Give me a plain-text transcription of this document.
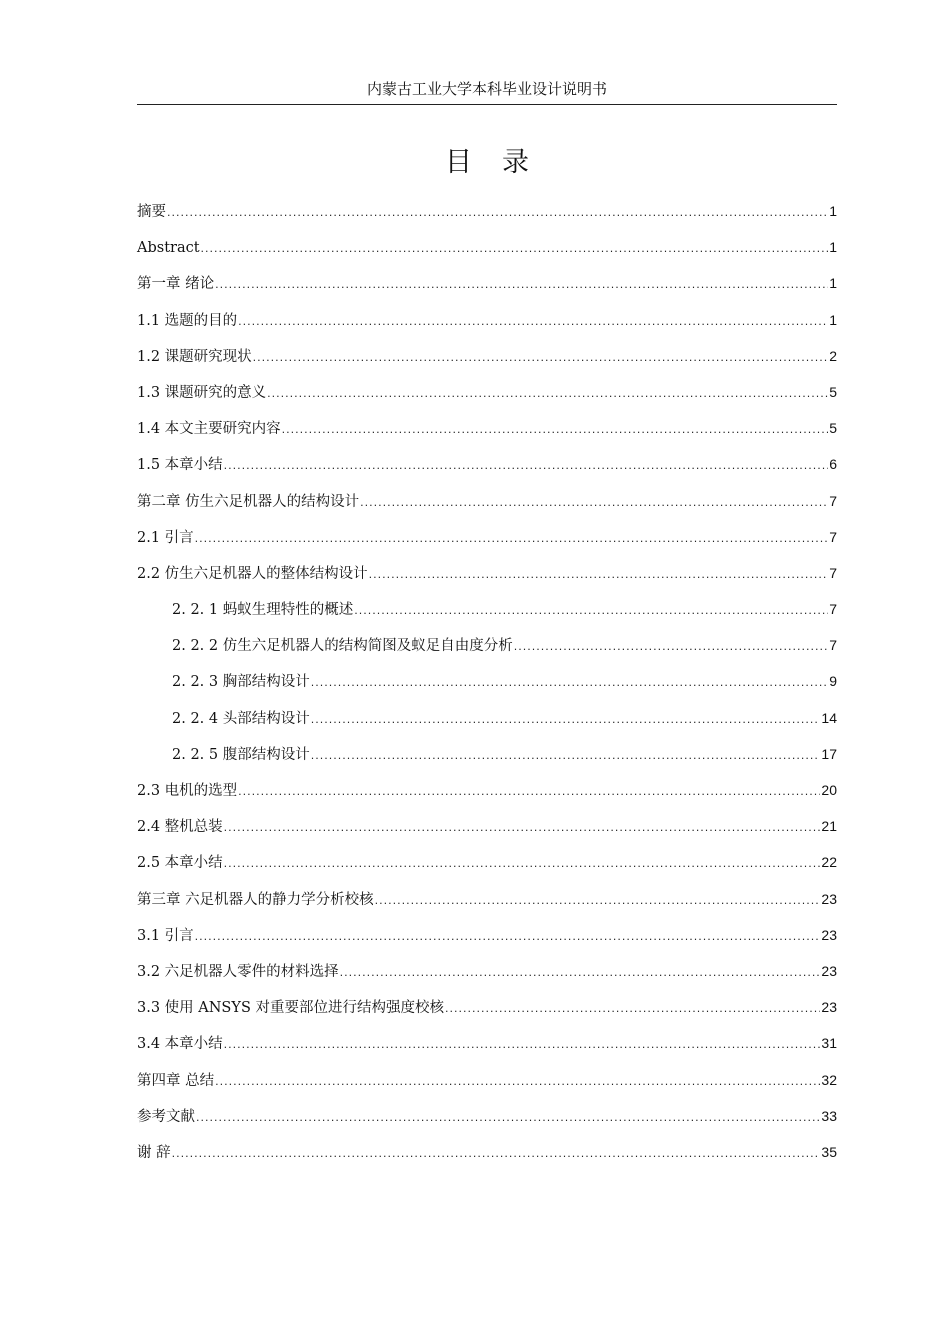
内蒙古工业大学本科毕业设计说明书
目录
摘要 .....	1
Abstract .....	1
第一章 绪论 .....	1
1.1 选题的目的 .....	1
1.2 课题研究现状 .....	2
1.3 课题研究的意义 .....	5
1.4 本文主要研究内容 .....	5
1.5 本章小结 .....	6
第二章 仿生六足机器人的结构设计 .....	7
2.1 引言 .....	7
2.2 仿生六足机器人的整体结构设计 .....	7
2. 2. 1 蚂蚁生理特性的概述 .....	7
2. 2. 2 仿生六足机器人的结构简图及蚁足自由度分析 .....	7
2. 2. 3 胸部结构设计 .....	9
2. 2. 4 头部结构设计 .....	14
2. 2. 5 腹部结构设计 .....	17
2.3 电机的选型 .....	20
2.4 整机总装 .....	21
2.5 本章小结 .....	22
第三章 六足机器人的静力学分析校核 .....	23
3.1 引言 .....	23
3.2 六足机器人零件的材料选择 .....	23
3.3 使用 ANSYS 对重要部位进行结构强度校核 .....	23
3.4 本章小结 .....	31
第四章 总结 .....	32
参考文献 .....	33
谢 辞 .....	35
